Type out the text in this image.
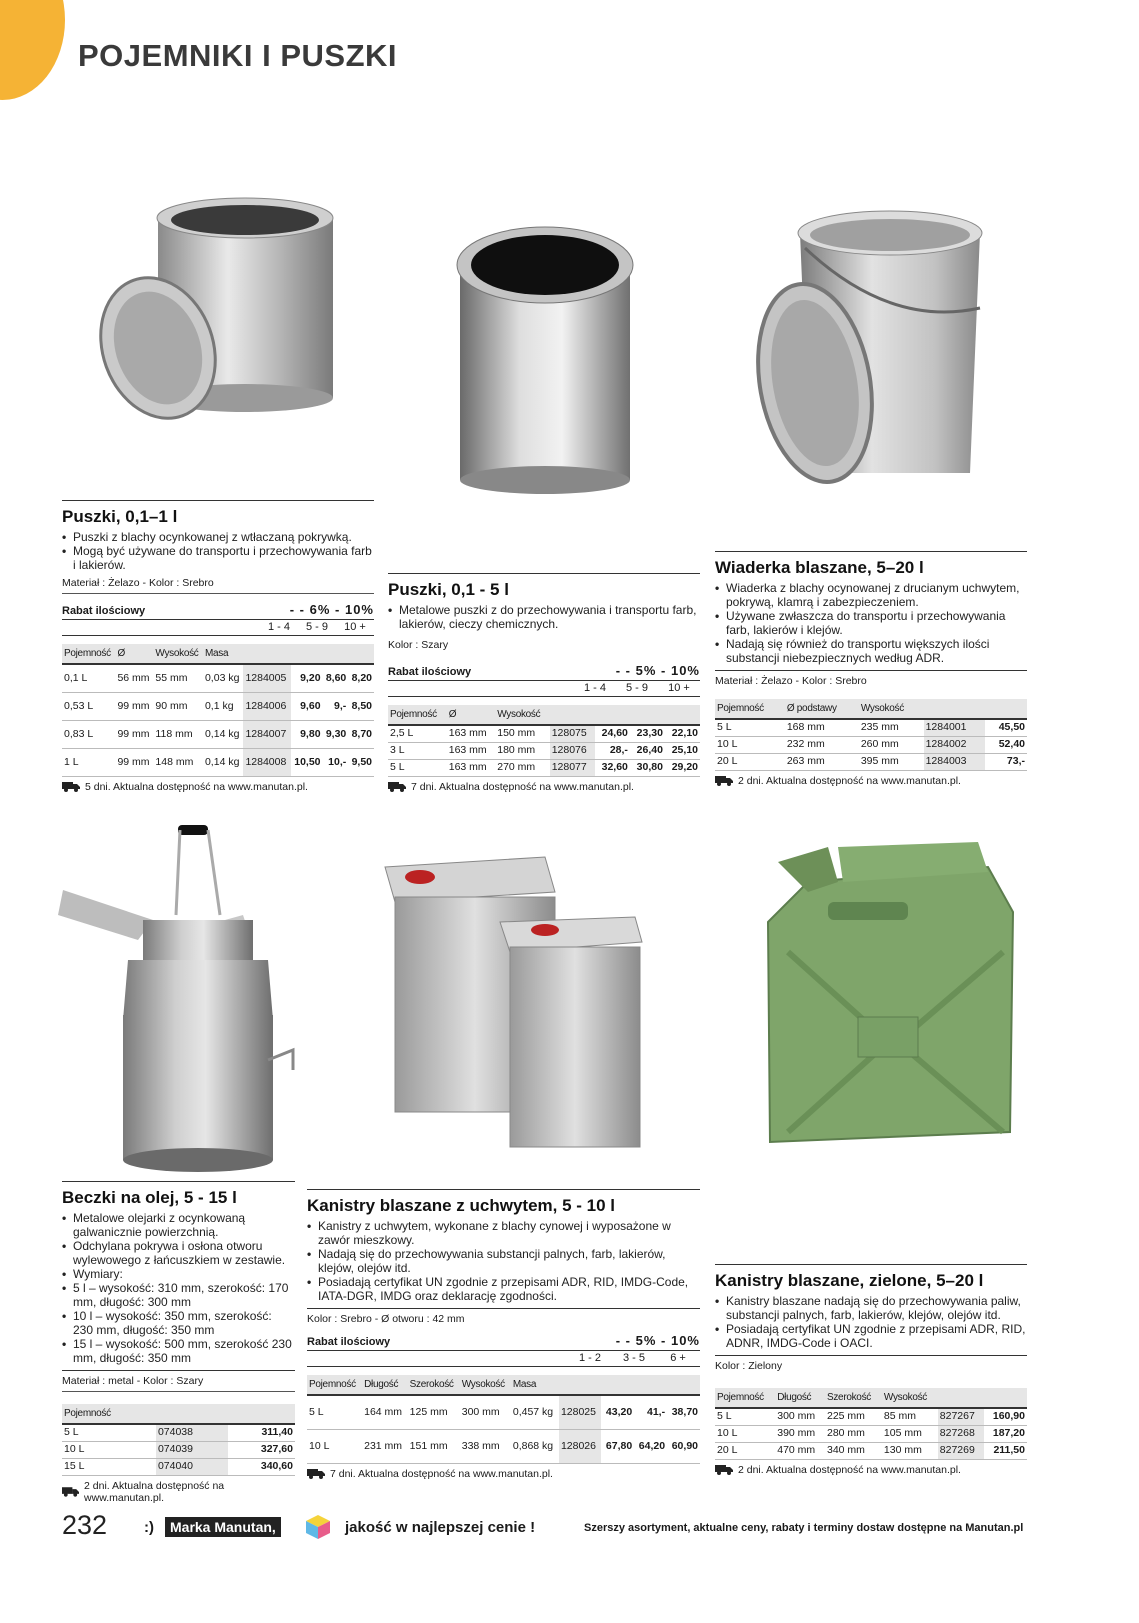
POJEMNIKI I PUSZKI
Puszki, 0,1–1 l
• Puszki z blachy ocynkowanej z wtłaczaną pokrywką.
• Mogą być używane do transportu i przechowywania farb i lakierów.
Materiał : Żelazo - Kolor : Srebro
Rabat ilościowy	- - 6% - 10%
1 - 4	5 - 9	10 +
Pojemność	Ø	Wysokość	Masa				
0,1 L	56 mm	55 mm	0,03 kg	1284005	9,20	8,60	8,20
0,53 L	99 mm	90 mm	0,1 kg	1284006	9,60	9,-	8,50
0,83 L	99 mm	118 mm	0,14 kg	1284007	9,80	9,30	8,70
1 L	99 mm	148 mm	0,14 kg	1284008	10,50	10,-	9,50
5 dni. Aktualna dostępność na www.manutan.pl.
Puszki, 0,1 - 5 l
• Metalowe puszki z do przechowywania i transportu farb, lakierów, cieczy chemicznych.
Kolor : Szary
Rabat ilościowy	- - 5% - 10%
1 - 4	5 - 9	10 +
Pojemność	Ø	Wysokość				
2,5 L	163 mm	150 mm	128075	24,60	23,30	22,10
3 L	163 mm	180 mm	128076	28,-	26,40	25,10
5 L	163 mm	270 mm	128077	32,60	30,80	29,20
7 dni. Aktualna dostępność na www.manutan.pl.
Wiaderka blaszane, 5–20 l
• Wiaderka z blachy ocynowanej z drucianym uchwytem, pokrywą, klamrą i zabezpieczeniem.
• Używane zwłaszcza do transportu i przechowywania farb, lakierów i klejów.
• Nadają się również do transportu większych ilości substancji niebezpiecznych według ADR.
Materiał : Żelazo - Kolor : Srebro
Pojemność	Ø podstawy	Wysokość		
5 L	168 mm	235 mm	1284001	45,50
10 L	232 mm	260 mm	1284002	52,40
20 L	263 mm	395 mm	1284003	73,-
2 dni. Aktualna dostępność na www.manutan.pl.
Beczki na olej, 5 - 15 l
• Metalowe olejarki z ocynkowaną galwanicznie powierzchnią.
• Odchylana pokrywa i osłona otworu wylewowego z łańcuszkiem w zestawie.
• Wymiary:
• 5 l – wysokość: 310 mm, szerokość: 170 mm, długość: 300 mm
• 10 l – wysokość: 350 mm, szerokość: 230 mm, długość: 350 mm
• 15 l – wysokość: 500 mm, szerokość 230 mm, długość: 350 mm
Materiał : metal - Kolor : Szary
Pojemność		
5 L	074038	311,40
10 L	074039	327,60
15 L	074040	340,60
2 dni. Aktualna dostępność na www.manutan.pl.
Kanistry blaszane z uchwytem, 5 - 10 l
• Kanistry z uchwytem, wykonane z blachy cynowej i wyposażone w zawór mieszkowy.
• Nadają się do przechowywania substancji palnych, farb, lakierów, klejów, olejów itd.
• Posiadają certyfikat UN zgodnie z przepisami ADR, RID, IMDG-Code, IATA-DGR, IMDG oraz deklarację zgodności.
Kolor : Srebro - Ø otworu : 42 mm
Rabat ilościowy	- - 5% - 10%
1 - 2	3 - 5	6 +
Pojemność	Długość	Szerokość	Wysokość	Masa				
5 L	164 mm	125 mm	300 mm	0,457 kg	128025	43,20	41,-	38,70
10 L	231 mm	151 mm	338 mm	0,868 kg	128026	67,80	64,20	60,90
7 dni. Aktualna dostępność na www.manutan.pl.
Kanistry blaszane, zielone, 5–20 l
• Kanistry blaszane nadają się do przechowywania paliw, substancji palnych, farb, lakierów, klejów, olejów itd.
• Posiadają certyfikat UN zgodnie z przepisami ADR, RID, ADNR, IMDG-Code i OACI.
Kolor : Zielony
Pojemność	Długość	Szerokość	Wysokość		
5 L	300 mm	225 mm	85 mm	827267	160,90
10 L	390 mm	280 mm	105 mm	827268	187,20
20 L	470 mm	340 mm	130 mm	827269	211,50
2 dni. Aktualna dostępność na www.manutan.pl.
232 :)	Marka Manutan,	jakość w najlepszej cenie !	Szerszy asortyment, aktualne ceny, rabaty i terminy dostaw dostępne na Manutan.pl
